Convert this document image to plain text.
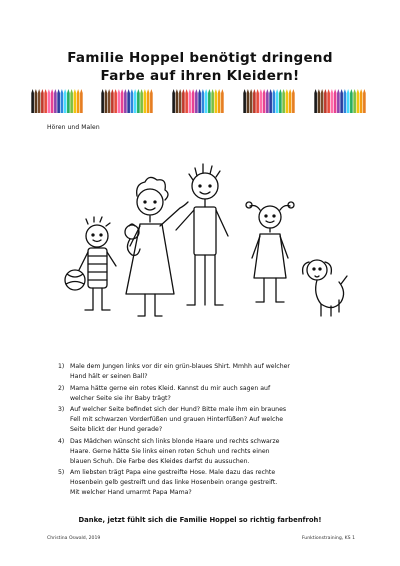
Familie Hoppel benötigt dringend
Farbe auf ihren Kleidern!
Hören und Malen
1) Male dem Jungen links vor dir ein grün-blaues Shirt. Mmhh auf welcher
Hand hält er seinen Ball?
2) Mama hätte gerne ein rotes Kleid. Kannst du mir auch sagen auf
welcher Seite sie ihr Baby trägt?
3) Auf welcher Seite befindet sich der Hund? Bitte male ihm ein braunes
Fell mit schwarzen Vorderfüßen und grauen Hinterfüßen? Auf welche
Seite blickt der Hund gerade?
4) Das Mädchen wünscht sich links blonde Haare und rechts schwarze
Haare. Gerne hätte Sie links einen roten Schuh und rechts einen
blauen Schuh. Die Farbe des Kleides darfst du aussuchen.
5) Am liebsten trägt Papa eine gestreifte Hose. Male dazu das rechte
Hosenbein gelb gestreift und das linke Hosenbein orange gestreift.
Mit welcher Hand umarmt Papa Mama?
Danke, jetzt fühlt sich die Familie Hoppel so richtig farbenfroh!
Christina Oswald, 2019	Funktionstraining, KS 1
